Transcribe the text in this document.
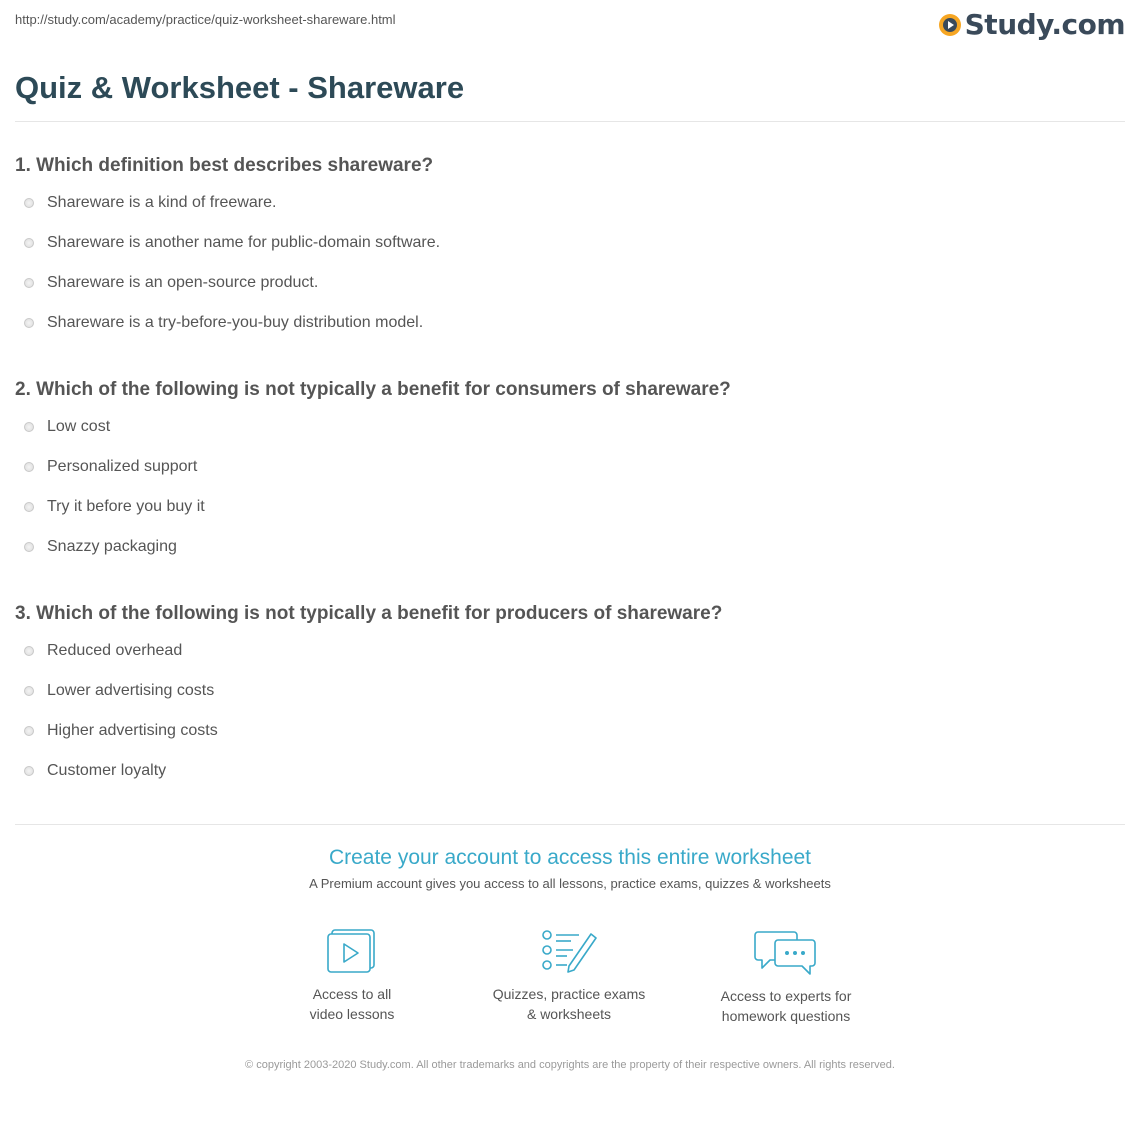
http://study.com/academy/practice/quiz-worksheet-shareware.html	Study.com
Quiz & Worksheet - Shareware
1. Which definition best describes shareware?
Shareware is a kind of freeware.
Shareware is another name for public-domain software.
Shareware is an open-source product.
Shareware is a try-before-you-buy distribution model.
2. Which of the following is not typically a benefit for consumers of shareware?
Low cost
Personalized support
Try it before you buy it
Snazzy packaging
3. Which of the following is not typically a benefit for producers of shareware?
Reduced overhead
Lower advertising costs
Higher advertising costs
Customer loyalty
Create your account to access this entire worksheet
A Premium account gives you access to all lessons, practice exams, quizzes & worksheets
Access to all
video lessons
Quizzes, practice exams
& worksheets
Access to experts for
homework questions
© copyright 2003-2020 Study.com. All other trademarks and copyrights are the property of their respective owners. All rights reserved.
